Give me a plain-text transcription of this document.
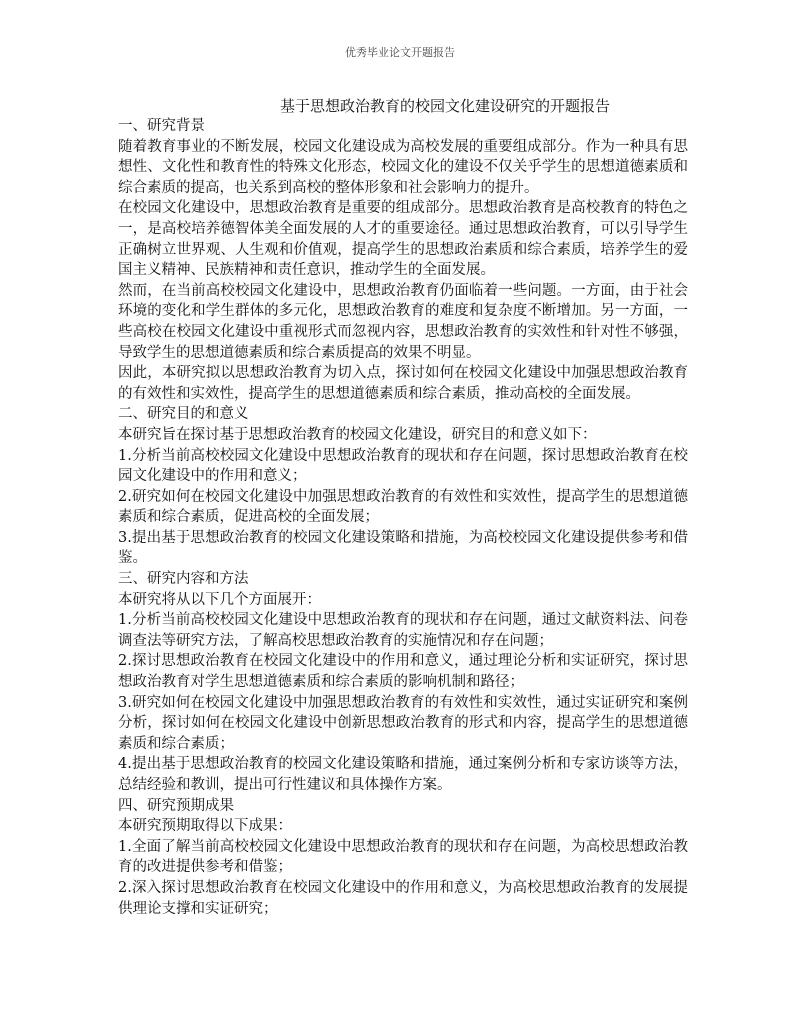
优秀毕业论文开题报告
基于思想政治教育的校园文化建设研究的开题报告
一、研究背景

随着教育事业的不断发展，校园文化建设成为高校发展的重要组成部分。作为一种具有思想性、文化性和教育性的特殊文化形态，校园文化的建设不仅关乎学生的思想道德素质和综合素质的提高，也关系到高校的整体形象和社会影响力的提升。

在校园文化建设中，思想政治教育是重要的组成部分。思想政治教育是高校教育的特色之一，是高校培养德智体美全面发展的人才的重要途径。通过思想政治教育，可以引导学生正确树立世界观、人生观和价值观，提高学生的思想政治素质和综合素质，培养学生的爱国主义精神、民族精神和责任意识，推动学生的全面发展。

然而，在当前高校校园文化建设中，思想政治教育仍面临着一些问题。一方面，由于社会环境的变化和学生群体的多元化，思想政治教育的难度和复杂度不断增加。另一方面，一些高校在校园文化建设中重视形式而忽视内容，思想政治教育的实效性和针对性不够强，导致学生的思想道德素质和综合素质提高的效果不明显。

因此，本研究拟以思想政治教育为切入点，探讨如何在校园文化建设中加强思想政治教育的有效性和实效性，提高学生的思想道德素质和综合素质，推动高校的全面发展。

二、研究目的和意义

本研究旨在探讨基于思想政治教育的校园文化建设，研究目的和意义如下：

1.分析当前高校校园文化建设中思想政治教育的现状和存在问题，探讨思想政治教育在校园文化建设中的作用和意义；

2.研究如何在校园文化建设中加强思想政治教育的有效性和实效性，提高学生的思想道德素质和综合素质，促进高校的全面发展；

3.提出基于思想政治教育的校园文化建设策略和措施，为高校校园文化建设提供参考和借鉴。

三、研究内容和方法

本研究将从以下几个方面展开：

1.分析当前高校校园文化建设中思想政治教育的现状和存在问题，通过文献资料法、问卷调查法等研究方法，了解高校思想政治教育的实施情况和存在问题；

2.探讨思想政治教育在校园文化建设中的作用和意义，通过理论分析和实证研究，探讨思想政治教育对学生思想道德素质和综合素质的影响机制和路径；

3.研究如何在校园文化建设中加强思想政治教育的有效性和实效性，通过实证研究和案例分析，探讨如何在校园文化建设中创新思想政治教育的形式和内容，提高学生的思想道德素质和综合素质；

4.提出基于思想政治教育的校园文化建设策略和措施，通过案例分析和专家访谈等方法，总结经验和教训，提出可行性建议和具体操作方案。

四、研究预期成果

本研究预期取得以下成果：

1.全面了解当前高校校园文化建设中思想政治教育的现状和存在问题，为高校思想政治教育的改进提供参考和借鉴；

2.深入探讨思想政治教育在校园文化建设中的作用和意义，为高校思想政治教育的发展提供理论支撑和实证研究；
